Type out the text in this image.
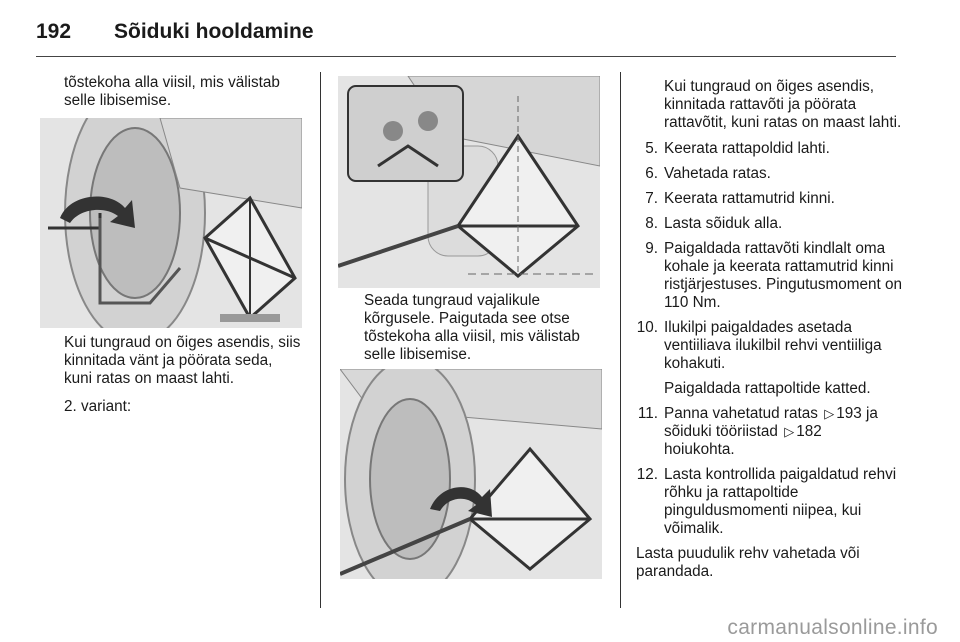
192	Sõiduki hooldamine

tõstekoha alla viisil, mis välistab selle libisemise.

Kui tungraud on õiges asendis, siis kinnitada vänt ja pöörata seda, kuni ratas on maast lahti.

2. variant:

Seada tungraud vajalikule kõrgusele. Paigutada see otse tõstekoha alla viisil, mis välistab selle libisemise.

Kui tungraud on õiges asendis, kinnitada rattavõti ja pöörata rattavõtit, kuni ratas on maast lahti.

5. Keerata rattapoldid lahti.
6. Vahetada ratas.
7. Keerata rattamutrid kinni.
8. Lasta sõiduk alla.
9. Paigaldada rattavõti kindlalt oma kohale ja keerata rattamutrid kinni ristjärjestuses. Pingutusmoment on 110 Nm.
10. Ilukilpi paigaldades asetada ventiiliava ilukilbil rehvi ventiiliga kohakuti.

Paigaldada rattapoltide katted.

11. Panna vahetatud ratas ▷ 193 ja
sõiduki tööriistad ▷ 182
hoiukohta.
12. Lasta kontrollida paigaldatud rehvi rõhku ja rattapoltide pinguldusmomenti niipea, kui võimalik.

Lasta puudulik rehv vahetada või parandada.

carmanualsonline.info
